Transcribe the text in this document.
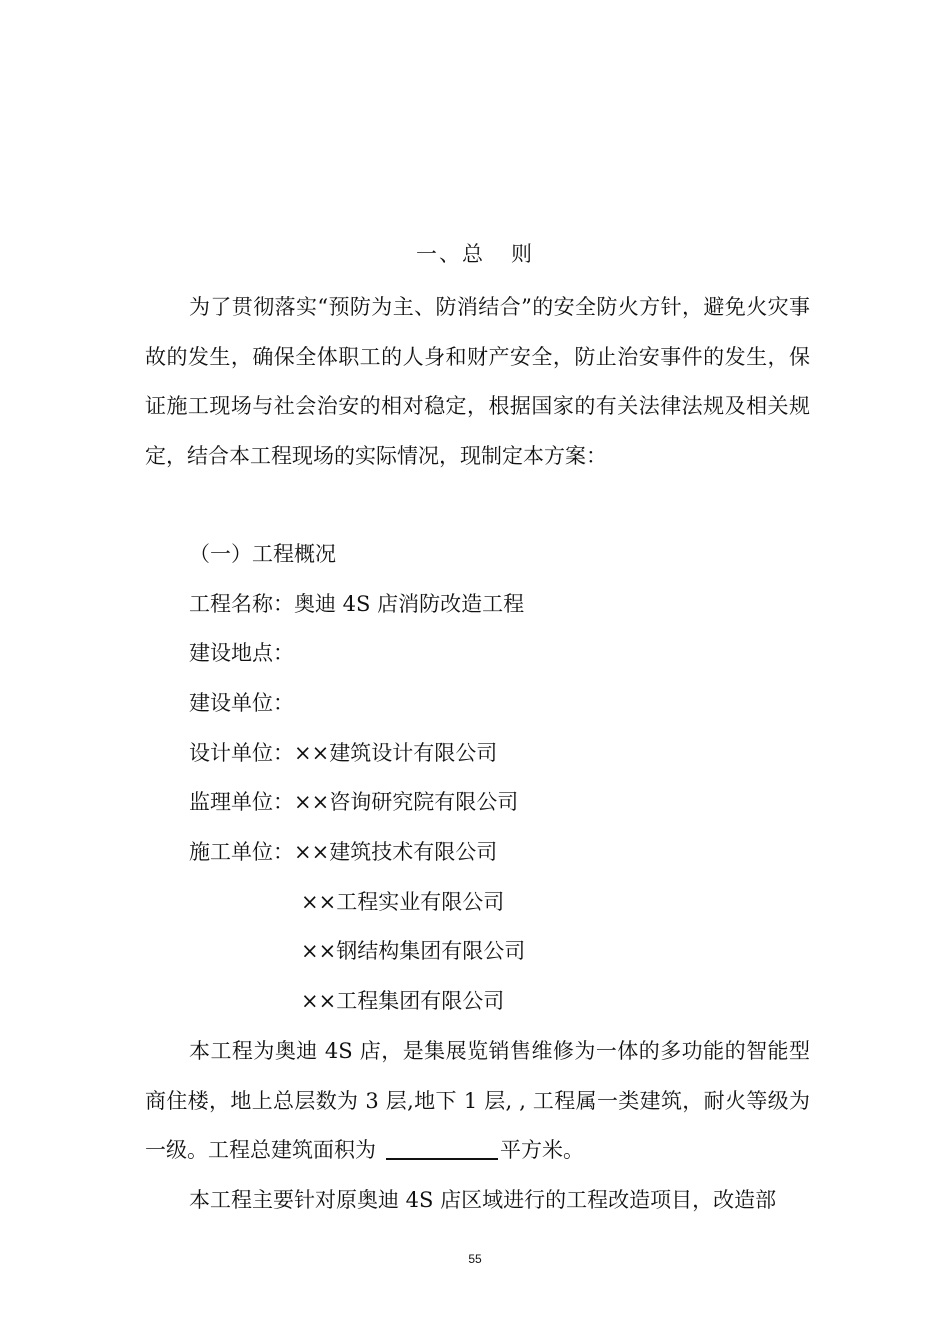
一、总 则

为了贯彻落实“预防为主、防消结合”的安全防火方针，避免火灾事故的发生，确保全体职工的人身和财产安全，防止治安事件的发生，保证施工现场与社会治安的相对稳定，根据国家的有关法律法规及相关规定，结合本工程现场的实际情况，现制定本方案：

（一）工程概况

工程名称：奥迪 4S 店消防改造工程

建设地点：

建设单位：

设计单位：××建筑设计有限公司

监理单位：××咨询研究院有限公司

施工单位：××建筑技术有限公司

××工程实业有限公司

××钢结构集团有限公司

××工程集团有限公司

本工程为奥迪 4S 店，是集展览销售维修为一体的多功能的智能型商住楼，地上总层数为 3 层,地下 1 层, , 工程属一类建筑，耐火等级为一级。工程总建筑面积为	平方米。

本工程主要针对原奥迪 4S 店区域进行的工程改造项目，改造部

55
